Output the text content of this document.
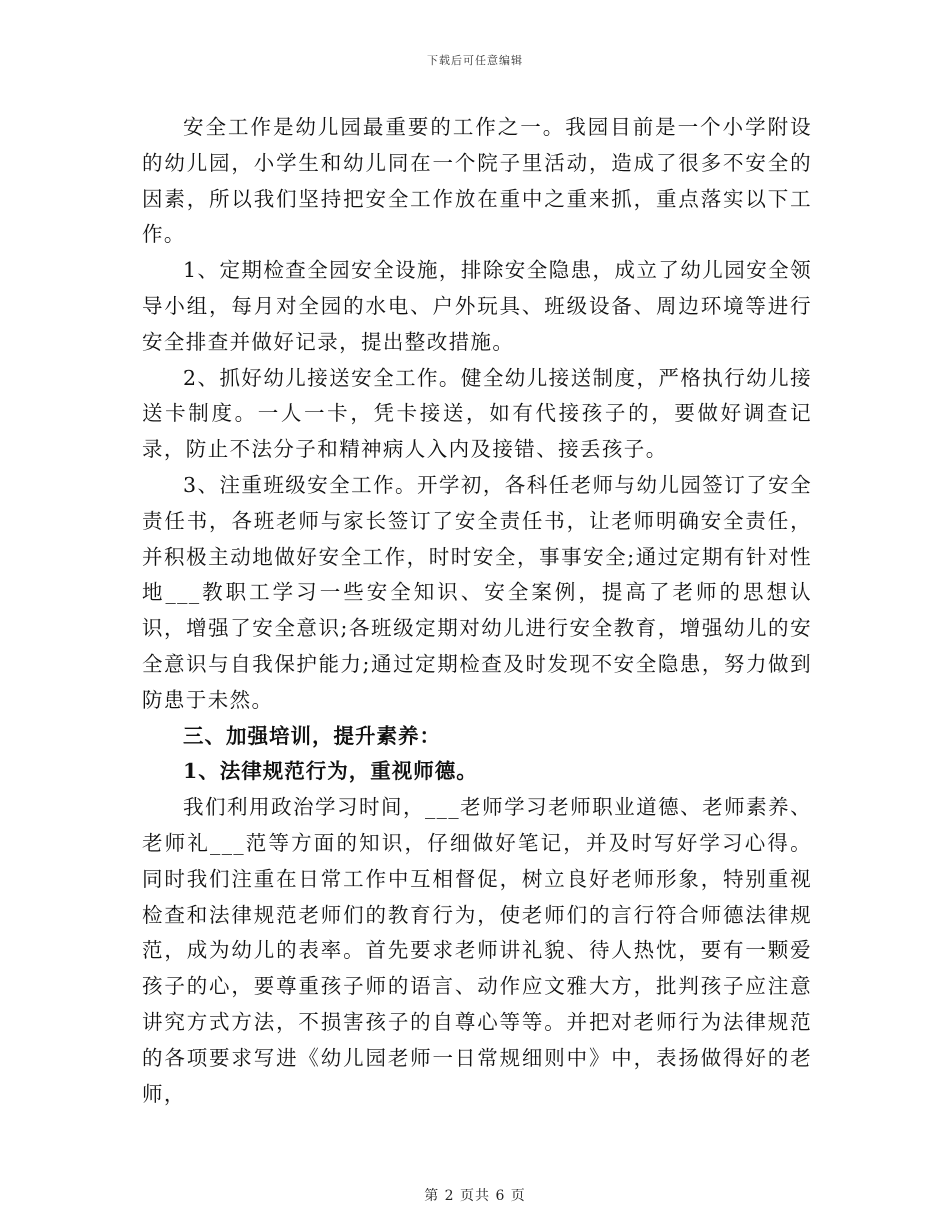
下载后可任意编辑

安全工作是幼儿园最重要的工作之一。我园目前是一个小学附设的幼儿园，小学生和幼儿同在一个院子里活动，造成了很多不安全的因素，所以我们坚持把安全工作放在重中之重来抓，重点落实以下工作。

1、定期检查全园安全设施，排除安全隐患，成立了幼儿园安全领导小组，每月对全园的水电、户外玩具、班级设备、周边环境等进行安全排查并做好记录，提出整改措施。

2、抓好幼儿接送安全工作。健全幼儿接送制度，严格执行幼儿接送卡制度。一人一卡，凭卡接送，如有代接孩子的，要做好调查记录，防止不法分子和精神病人入内及接错、接丢孩子。

3、注重班级安全工作。开学初，各科任老师与幼儿园签订了安全责任书，各班老师与家长签订了安全责任书，让老师明确安全责任，并积极主动地做好安全工作，时时安全，事事安全;通过定期有针对性地___教职工学习一些安全知识、安全案例，提高了老师的思想认识，增强了安全意识;各班级定期对幼儿进行安全教育，增强幼儿的安全意识与自我保护能力;通过定期检查及时发现不安全隐患，努力做到防患于未然。

三、加强培训，提升素养：

1、法律规范行为，重视师德。

我们利用政治学习时间，___老师学习老师职业道德、老师素养、老师礼___范等方面的知识，仔细做好笔记，并及时写好学习心得。同时我们注重在日常工作中互相督促，树立良好老师形象，特别重视检查和法律规范老师们的教育行为，使老师们的言行符合师德法律规范，成为幼儿的表率。首先要求老师讲礼貌、待人热忱，要有一颗爱孩子的心，要尊重孩子师的语言、动作应文雅大方，批判孩子应注意讲究方式方法，不损害孩子的自尊心等等。并把对老师行为法律规范的各项要求写进《幼儿园老师一日常规细则中》中，表扬做得好的老师，

第 2 页共 6 页
